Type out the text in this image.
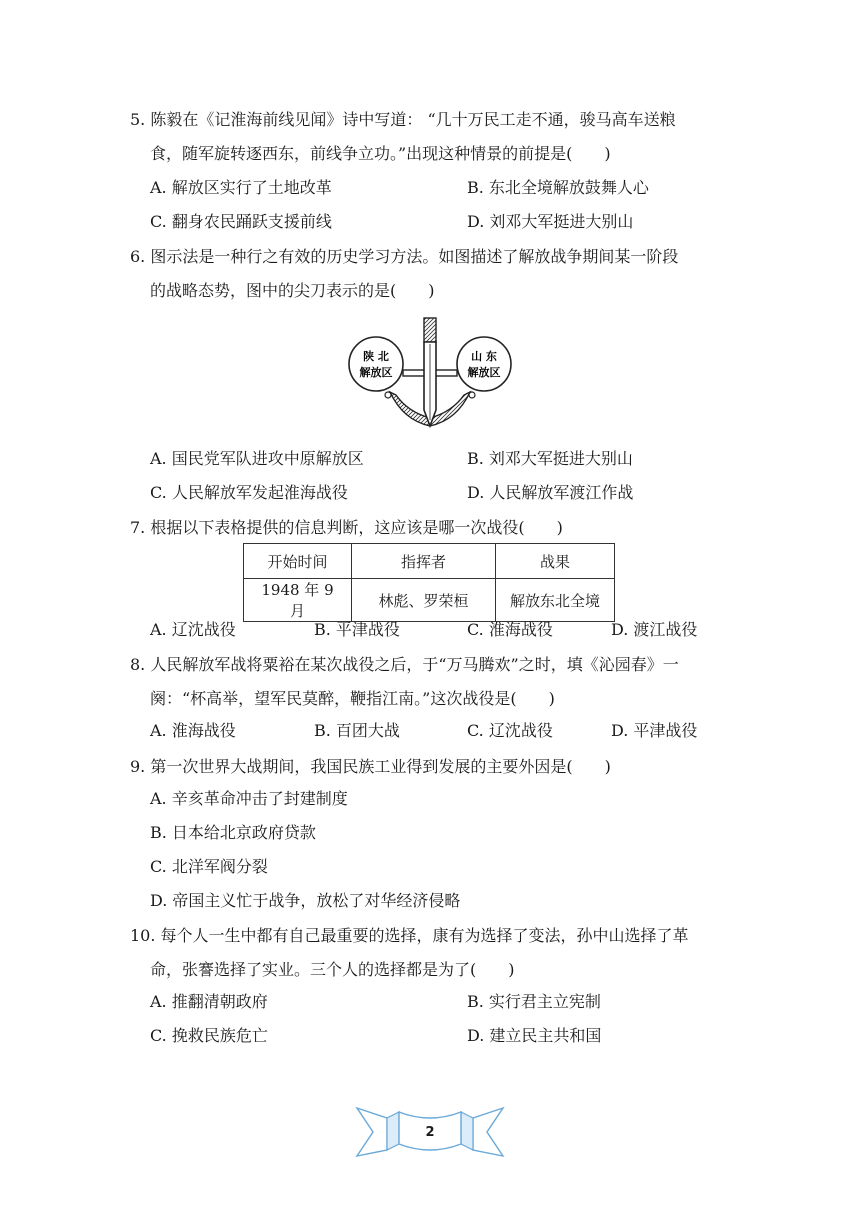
5. 陈毅在《记淮海前线见闻》诗中写道： “几十万民工走不通，骏马高车送粮
食，随军旋转逐西东，前线争立功。”出现这种情景的前提是(　　)
A. 解放区实行了土地改革	B. 东北全境解放鼓舞人心
C. 翻身农民踊跃支援前线	D. 刘邓大军挺进大别山
6. 图示法是一种行之有效的历史学习方法。如图描述了解放战争期间某一阶段
的战略态势，图中的尖刀表示的是(　　)
陕 北
解放区
山 东
解放区
A. 国民党军队进攻中原解放区	B. 刘邓大军挺进大别山
C. 人民解放军发起淮海战役	D. 人民解放军渡江作战
7. 根据以下表格提供的信息判断，这应该是哪一次战役(　　)
开始时间	指挥者	战果
1948 年 9 月	林彪、罗荣桓	解放东北全境
A. 辽沈战役	B. 平津战役	C. 淮海战役	D. 渡江战役
8. 人民解放军战将粟裕在某次战役之后，于“万马腾欢”之时，填《沁园春》一
阕：“杯高举，望军民莫醉，鞭指江南。”这次战役是(　　)
A. 淮海战役	B. 百团大战	C. 辽沈战役	D. 平津战役
9. 第一次世界大战期间，我国民族工业得到发展的主要外因是(　　)
A. 辛亥革命冲击了封建制度
B. 日本给北京政府贷款
C. 北洋军阀分裂
D. 帝国主义忙于战争，放松了对华经济侵略
10. 每个人一生中都有自己最重要的选择，康有为选择了变法，孙中山选择了革
命，张謇选择了实业。三个人的选择都是为了(　　)
A. 推翻清朝政府	B. 实行君主立宪制
C. 挽救民族危亡	D. 建立民主共和国
2
